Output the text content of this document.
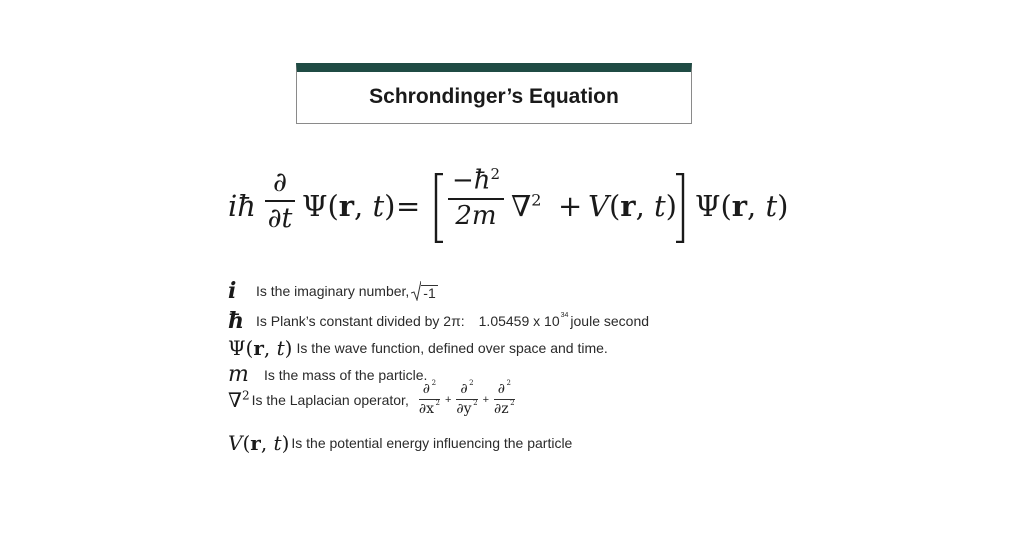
Schrondinger’s Equation
iħ
∂
∂t Ψ(r, t) =
$-ħ^2$
2m ∇$^2$ + V(r, t) Ψ(r, t)
i	Is the imaginary number, -1
ħ Is Plank’s constant divided by 2π: 1.05459 x $10^{34}$ joule second
Ψ(r, t) Is the wave function, defined over space and time.
m	Is the mass of the particle.
∇$^2$ Is the Laplacian operator,
∂ 2
∂x 2 +
∂ 2
∂y 2 +
∂ 2
∂z 2
V(r, t) Is the potential energy influencing the particle
